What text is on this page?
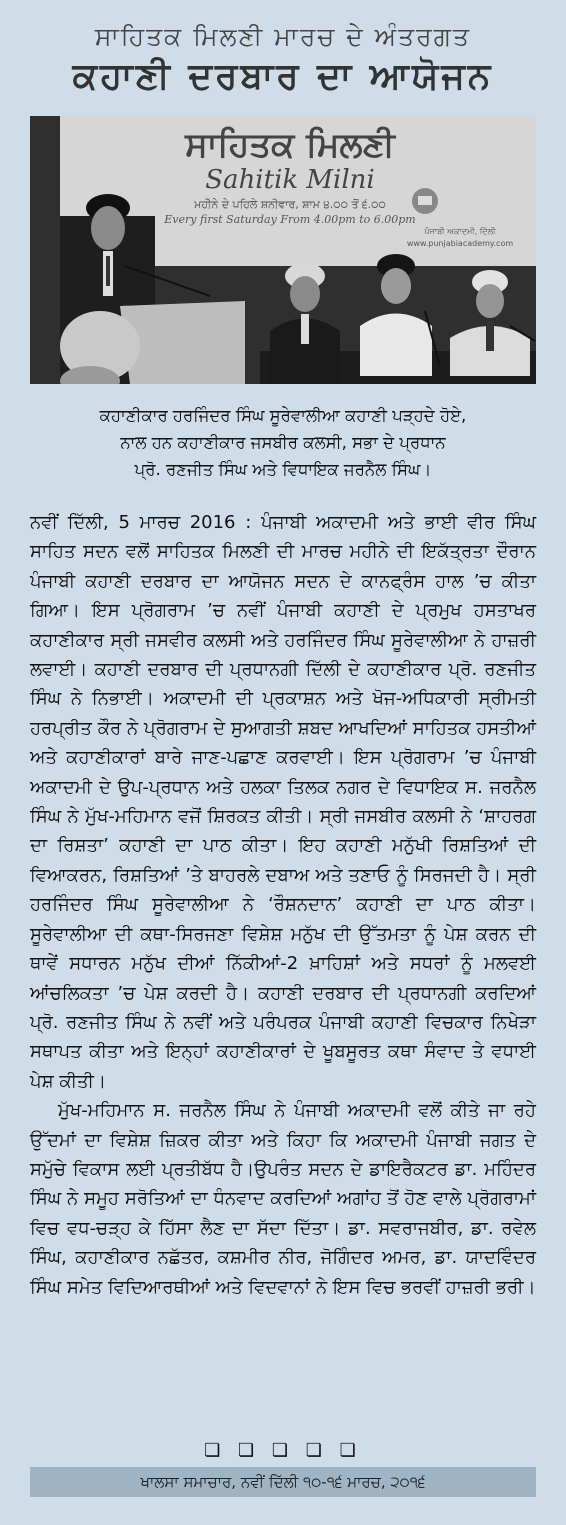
ਸਾਹਿਤਕ ਮਿਲਣੀ ਮਾਰਚ ਦੇ ਅੰਤਰਗਤ
ਕਹਾਣੀ ਦਰਬਾਰ ਦਾ ਆਯੋਜਨ
ਸਾਹਿਤਕ ਮਿਲਣੀ
Sahitik Milni
ਮਹੀਨੇ ਦੇ ਪਹਿਲੇ ਸ਼ਨੀਵਾਰ, ਸ਼ਾਮ ੪.੦੦ ਤੋਂ ੬.੦੦
Every first Saturday From 4.00pm to 6.00pm
ਪੰਜਾਬੀ ਅਕਾਦਮੀ, ਦਿੱਲੀ
www.punjabiacademy.com
ਕਹਾਣੀਕਾਰ ਹਰਜਿੰਦਰ ਸਿੰਘ ਸੂਰੇਵਾਲੀਆ ਕਹਾਣੀ ਪੜ੍ਹਦੇ ਹੋਏ,
ਨਾਲ ਹਨ ਕਹਾਣੀਕਾਰ ਜਸਬੀਰ ਕਲਸੀ, ਸਭਾ ਦੇ ਪ੍ਰਧਾਨ
ਪ੍ਰੋ. ਰਣਜੀਤ ਸਿੰਘ ਅਤੇ ਵਿਧਾਇਕ ਜਰਨੈਲ ਸਿੰਘ।

ਨਵੀਂ ਦਿੱਲੀ, 5 ਮਾਰਚ 2016 : ਪੰਜਾਬੀ ਅਕਾਦਮੀ ਅਤੇ ਭਾਈ ਵੀਰ ਸਿੰਘ ਸਾਹਿਤ ਸਦਨ ਵਲੋਂ ਸਾਹਿਤਕ ਮਿਲਣੀ ਦੀ ਮਾਰਚ ਮਹੀਨੇ ਦੀ ਇਕੱਤ੍ਰਤਾ ਦੌਰਾਨ ਪੰਜਾਬੀ ਕਹਾਣੀ ਦਰਬਾਰ ਦਾ ਆਯੋਜਨ ਸਦਨ ਦੇ ਕਾਨਫ੍ਰੰਸ ਹਾਲ ’ਚ ਕੀਤਾ ਗਿਆ। ਇਸ ਪ੍ਰੋਗਰਾਮ ’ਚ ਨਵੀਂ ਪੰਜਾਬੀ ਕਹਾਣੀ ਦੇ ਪ੍ਰਮੁਖ ਹਸਤਾਖਰ ਕਹਾਣੀਕਾਰ ਸ੍ਰੀ ਜਸਵੀਰ ਕਲਸੀ ਅਤੇ ਹਰਜਿੰਦਰ ਸਿੰਘ ਸੂਰੇਵਾਲੀਆ ਨੇ ਹਾਜ਼ਰੀ ਲਵਾਈ। ਕਹਾਣੀ ਦਰਬਾਰ ਦੀ ਪ੍ਰਧਾਨਗੀ ਦਿੱਲੀ ਦੇ ਕਹਾਣੀਕਾਰ ਪ੍ਰੋ. ਰਣਜੀਤ ਸਿੰਘ ਨੇ ਨਿਭਾਈ। ਅਕਾਦਮੀ ਦੀ ਪ੍ਰਕਾਸ਼ਨ ਅਤੇ ਖੋਜ-ਅਧਿਕਾਰੀ ਸ੍ਰੀਮਤੀ ਹਰਪ੍ਰੀਤ ਕੌਰ ਨੇ ਪ੍ਰੋਗਰਾਮ ਦੇ ਸੁਆਗਤੀ ਸ਼ਬਦ ਆਖਦਿਆਂ ਸਾਹਿਤਕ ਹਸਤੀਆਂ ਅਤੇ ਕਹਾਣੀਕਾਰਾਂ ਬਾਰੇ ਜਾਣ-ਪਛਾਣ ਕਰਵਾਈ। ਇਸ ਪ੍ਰੋਗਰਾਮ ’ਚ ਪੰਜਾਬੀ ਅਕਾਦਮੀ ਦੇ ਉਪ-ਪ੍ਰਧਾਨ ਅਤੇ ਹਲਕਾ ਤਿਲਕ ਨਗਰ ਦੇ ਵਿਧਾਇਕ ਸ. ਜਰਨੈਲ ਸਿੰਘ ਨੇ ਮੁੱਖ-ਮਹਿਮਾਨ ਵਜੋਂ ਸ਼ਿਰਕਤ ਕੀਤੀ। ਸ੍ਰੀ ਜਸਬੀਰ ਕਲਸੀ ਨੇ ‘ਸ਼ਾਹਰਗ ਦਾ ਰਿਸ਼ਤਾ’ ਕਹਾਣੀ ਦਾ ਪਾਠ ਕੀਤਾ। ਇਹ ਕਹਾਣੀ ਮਨੁੱਖੀ ਰਿਸ਼ਤਿਆਂ ਦੀ ਵਿਆਕਰਨ, ਰਿਸ਼ਤਿਆਂ ’ਤੇ ਬਾਹਰਲੇ ਦਬਾਅ ਅਤੇ ਤਣਾਓ ਨੂੰ ਸਿਰਜਦੀ ਹੈ। ਸ੍ਰੀ ਹਰਜਿੰਦਰ ਸਿੰਘ ਸੂਰੇਵਾਲੀਆ ਨੇ ‘ਰੌਸ਼ਨਦਾਨ’ ਕਹਾਣੀ ਦਾ ਪਾਠ ਕੀਤਾ। ਸੂਰੇਵਾਲੀਆ ਦੀ ਕਥਾ-ਸਿਰਜਣਾ ਵਿਸ਼ੇਸ਼ ਮਨੁੱਖ ਦੀ ਉੱਤਮਤਾ ਨੂੰ ਪੇਸ਼ ਕਰਨ ਦੀ ਥਾਵੇਂ ਸਧਾਰਨ ਮਨੁੱਖ ਦੀਆਂ ਨਿੱਕੀਆਂ-2 ਖ਼ਾਹਿਸ਼ਾਂ ਅਤੇ ਸਧਰਾਂ ਨੂੰ ਮਲਵਈ ਆਂਚਲਿਕਤਾ ’ਚ ਪੇਸ਼ ਕਰਦੀ ਹੈ। ਕਹਾਣੀ ਦਰਬਾਰ ਦੀ ਪ੍ਰਧਾਨਗੀ ਕਰਦਿਆਂ ਪ੍ਰੋ. ਰਣਜੀਤ ਸਿੰਘ ਨੇ ਨਵੀਂ ਅਤੇ ਪਰੰਪਰਕ ਪੰਜਾਬੀ ਕਹਾਣੀ ਵਿਚਕਾਰ ਨਿਖੇੜਾ ਸਥਾਪਤ ਕੀਤਾ ਅਤੇ ਇਨ੍ਹਾਂ ਕਹਾਣੀਕਾਰਾਂ ਦੇ ਖੂਬਸੂਰਤ ਕਥਾ ਸੰਵਾਦ ਤੇ ਵਧਾਈ ਪੇਸ਼ ਕੀਤੀ।

ਮੁੱਖ-ਮਹਿਮਾਨ ਸ. ਜਰਨੈਲ ਸਿੰਘ ਨੇ ਪੰਜਾਬੀ ਅਕਾਦਮੀ ਵਲੋਂ ਕੀਤੇ ਜਾ ਰਹੇ ਉੱਦਮਾਂ ਦਾ ਵਿਸ਼ੇਸ਼ ਜ਼ਿਕਰ ਕੀਤਾ ਅਤੇ ਕਿਹਾ ਕਿ ਅਕਾਦਮੀ ਪੰਜਾਬੀ ਜਗਤ ਦੇ ਸਮੁੱਚੇ ਵਿਕਾਸ ਲਈ ਪ੍ਰਤੀਬੱਧ ਹੈ।ਉਪਰੰਤ ਸਦਨ ਦੇ ਡਾਇਰੈਕਟਰ ਡਾ. ਮਹਿੰਦਰ ਸਿੰਘ ਨੇ ਸਮੂਹ ਸਰੋਤਿਆਂ ਦਾ ਧੰਨਵਾਦ ਕਰਦਿਆਂ ਅਗਾਂਹ ਤੋਂ ਹੋਣ ਵਾਲੇ ਪ੍ਰੋਗਰਾਮਾਂ ਵਿਚ ਵਧ-ਚੜ੍ਹ ਕੇ ਹਿੱਸਾ ਲੈਣ ਦਾ ਸੱਦਾ ਦਿੱਤਾ। ਡਾ. ਸਵਰਾਜਬੀਰ, ਡਾ. ਰਵੇਲ ਸਿੰਘ, ਕਹਾਣੀਕਾਰ ਨਛੱਤਰ, ਕਸ਼ਮੀਰ ਨੀਰ, ਜੋਗਿੰਦਰ ਅਮਰ, ਡਾ. ਯਾਦਵਿੰਦਰ ਸਿੰਘ ਸਮੇਤ ਵਿਦਿਆਰਥੀਆਂ ਅਤੇ ਵਿਦਵਾਨਾਂ ਨੇ ਇਸ ਵਿਚ ਭਰਵੀਂ ਹਾਜ਼ਰੀ ਭਰੀ।

❏ ❏ ❏ ❏ ❏
ਖਾਲਸਾ ਸਮਾਚਾਰ, ਨਵੀਂ ਦਿੱਲੀ ੧੦-੧੬ ਮਾਰਚ, ੨੦੧੬
